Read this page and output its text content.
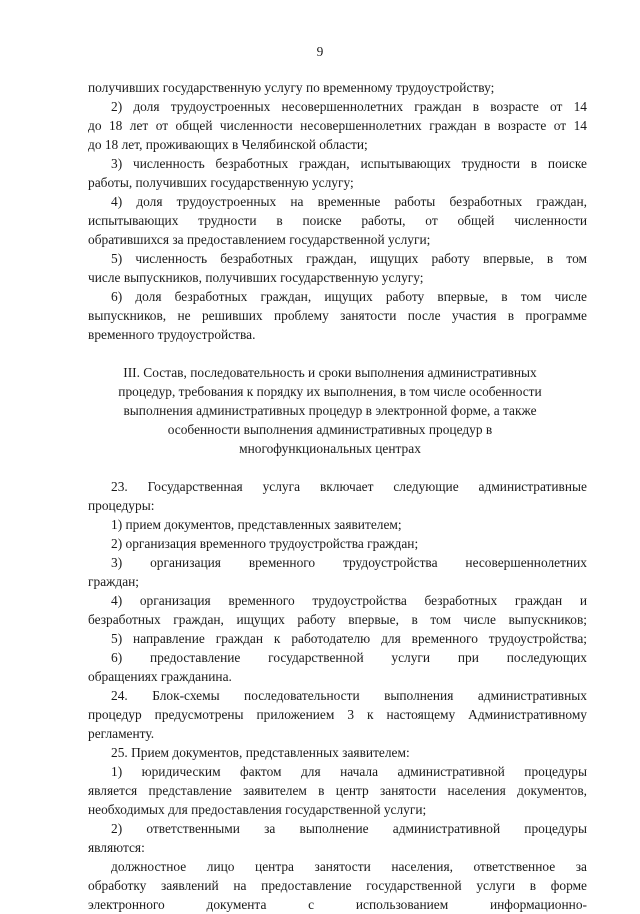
9
получивших государственную услугу по временному трудоустройству;
2) доля трудоустроенных несовершеннолетних граждан в возрасте от 14
до 18 лет от общей численности несовершеннолетних граждан в возрасте от 14
до 18 лет, проживающих в Челябинской области;
3) численность безработных граждан, испытывающих трудности в поиске
работы, получивших государственную услугу;
4) доля трудоустроенных на временные работы безработных граждан,
испытывающих трудности в поиске работы, от общей численности
обратившихся за предоставлением государственной услуги;
5) численность безработных граждан, ищущих работу впервые, в том
числе выпускников, получивших государственную услугу;
6) доля безработных граждан, ищущих работу впервые, в том числе
выпускников, не решивших проблему занятости после участия в программе
временного трудоустройства.
III. Состав, последовательность и сроки выполнения административных
процедур, требования к порядку их выполнения, в том числе особенности
выполнения административных процедур в электронной форме, а также
особенности выполнения административных процедур в
многофункциональных центрах
23. Государственная услуга включает следующие административные
процедуры:
1) прием документов, представленных заявителем;
2) организация временного трудоустройства граждан;
3) организация временного трудоустройства несовершеннолетних
граждан;
4) организация временного трудоустройства безработных граждан и
безработных граждан, ищущих работу впервые, в том числе выпускников;
5) направление граждан к работодателю для временного трудоустройства;
6) предоставление государственной услуги при последующих
обращениях гражданина.
24. Блок-схемы последовательности выполнения административных
процедур предусмотрены приложением 3 к настоящему Административному
регламенту.
25. Прием документов, представленных заявителем:
1) юридическим фактом для начала административной процедуры
является представление заявителем в центр занятости населения документов,
необходимых для предоставления государственной услуги;
2) ответственными за выполнение административной процедуры
являются:
должностное лицо центра занятости населения, ответственное за
обработку заявлений на предоставление государственной услуги в форме
электронного документа с использованием информационно-
